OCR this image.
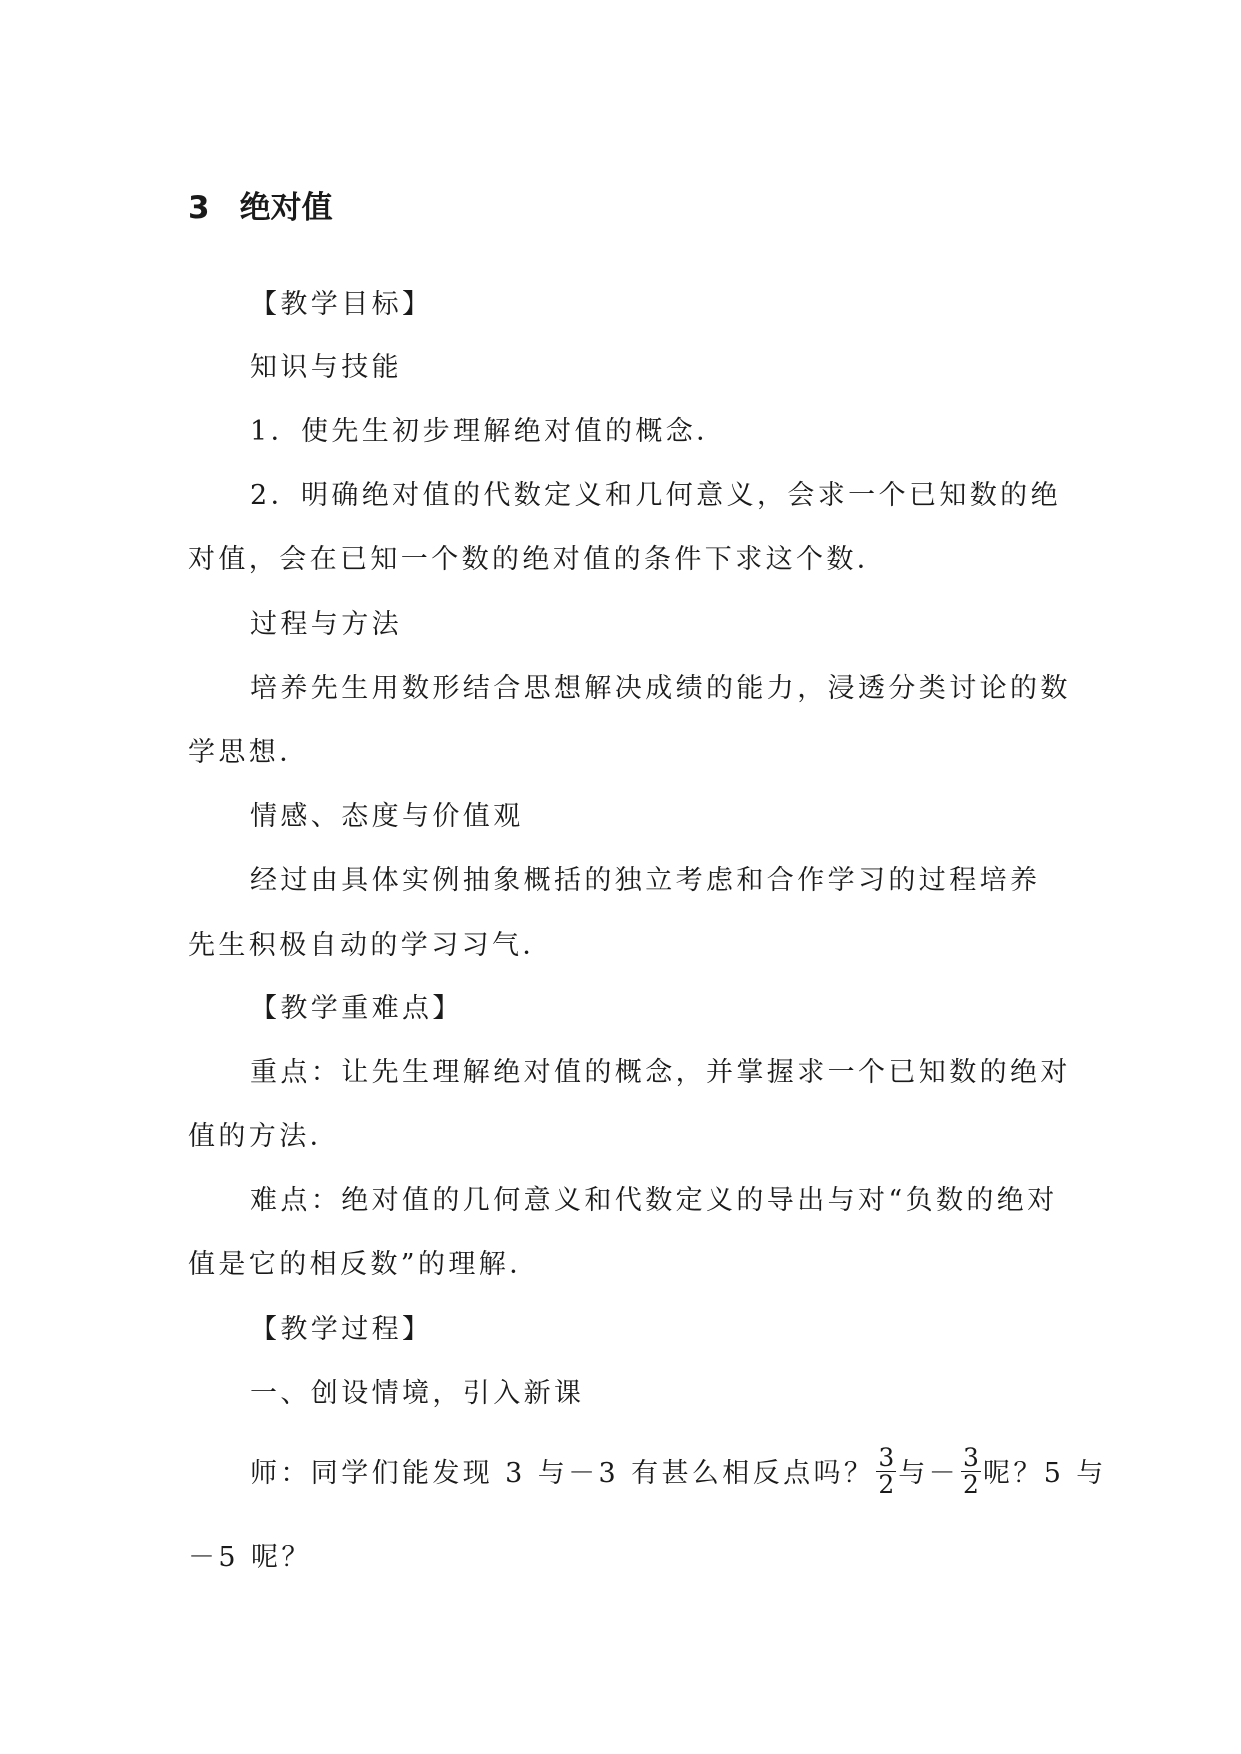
3 绝对值
【教学目标】
知识与技能
1．使先生初步理解绝对值的概念．
2．明确绝对值的代数定义和几何意义，会求一个已知数的绝
对值，会在已知一个数的绝对值的条件下求这个数．
过程与方法
培养先生用数形结合思想解决成绩的能力，浸透分类讨论的数
学思想．
情感、态度与价值观
经过由具体实例抽象概括的独立考虑和合作学习的过程培养
先生积极自动的学习习气．
【教学重难点】
重点：让先生理解绝对值的概念，并掌握求一个已知数的绝对
值的方法．
难点：绝对值的几何意义和代数定义的导出与对“负数的绝对
值是它的相反数”的理解．
【教学过程】
一、创设情境，引入新课
师：同学们能发现 3 与－3 有甚么相反点吗？ $\frac{3}{2}$ 与－ $\frac{3}{2}$ 呢？5 与
－5 呢？
